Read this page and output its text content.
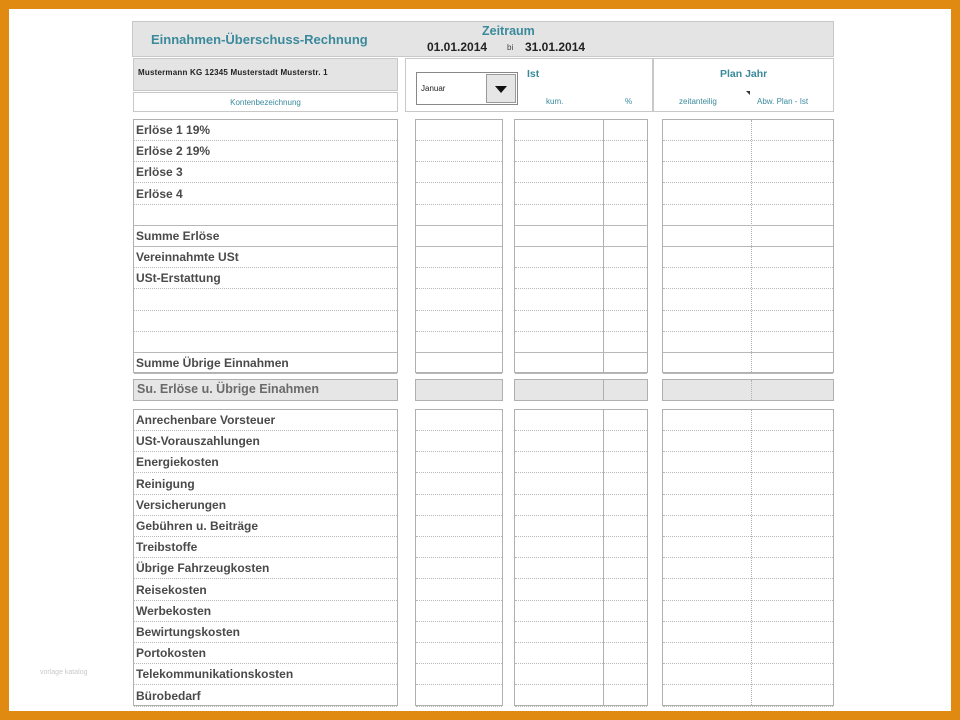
Einnahmen-Überschuss-Rechnung
Zeitraum
01.01.2014 bi 31.01.2014
Mustermann KG 12345 Musterstadt Musterstr. 1
Kontenbezeichnung
Januar
Ist	Plan Jahr
kum.	%	zeitanteilig	Abw. Plan - Ist
vorlage katalog
Erlöse 1 19%
Erlöse 2 19%
Erlöse 3
Erlöse 4
Summe Erlöse
Vereinnahmte USt
USt-Erstattung
Summe Übrige Einnahmen
Su. Erlöse u. Übrige Einahmen
Anrechenbare Vorsteuer
USt-Vorauszahlungen
Energiekosten
Reinigung
Versicherungen
Gebühren u. Beiträge
Treibstoffe
Übrige Fahrzeugkosten
Reisekosten
Werbekosten
Bewirtungskosten
Portokosten
Telekommunikationskosten
Bürobedarf
